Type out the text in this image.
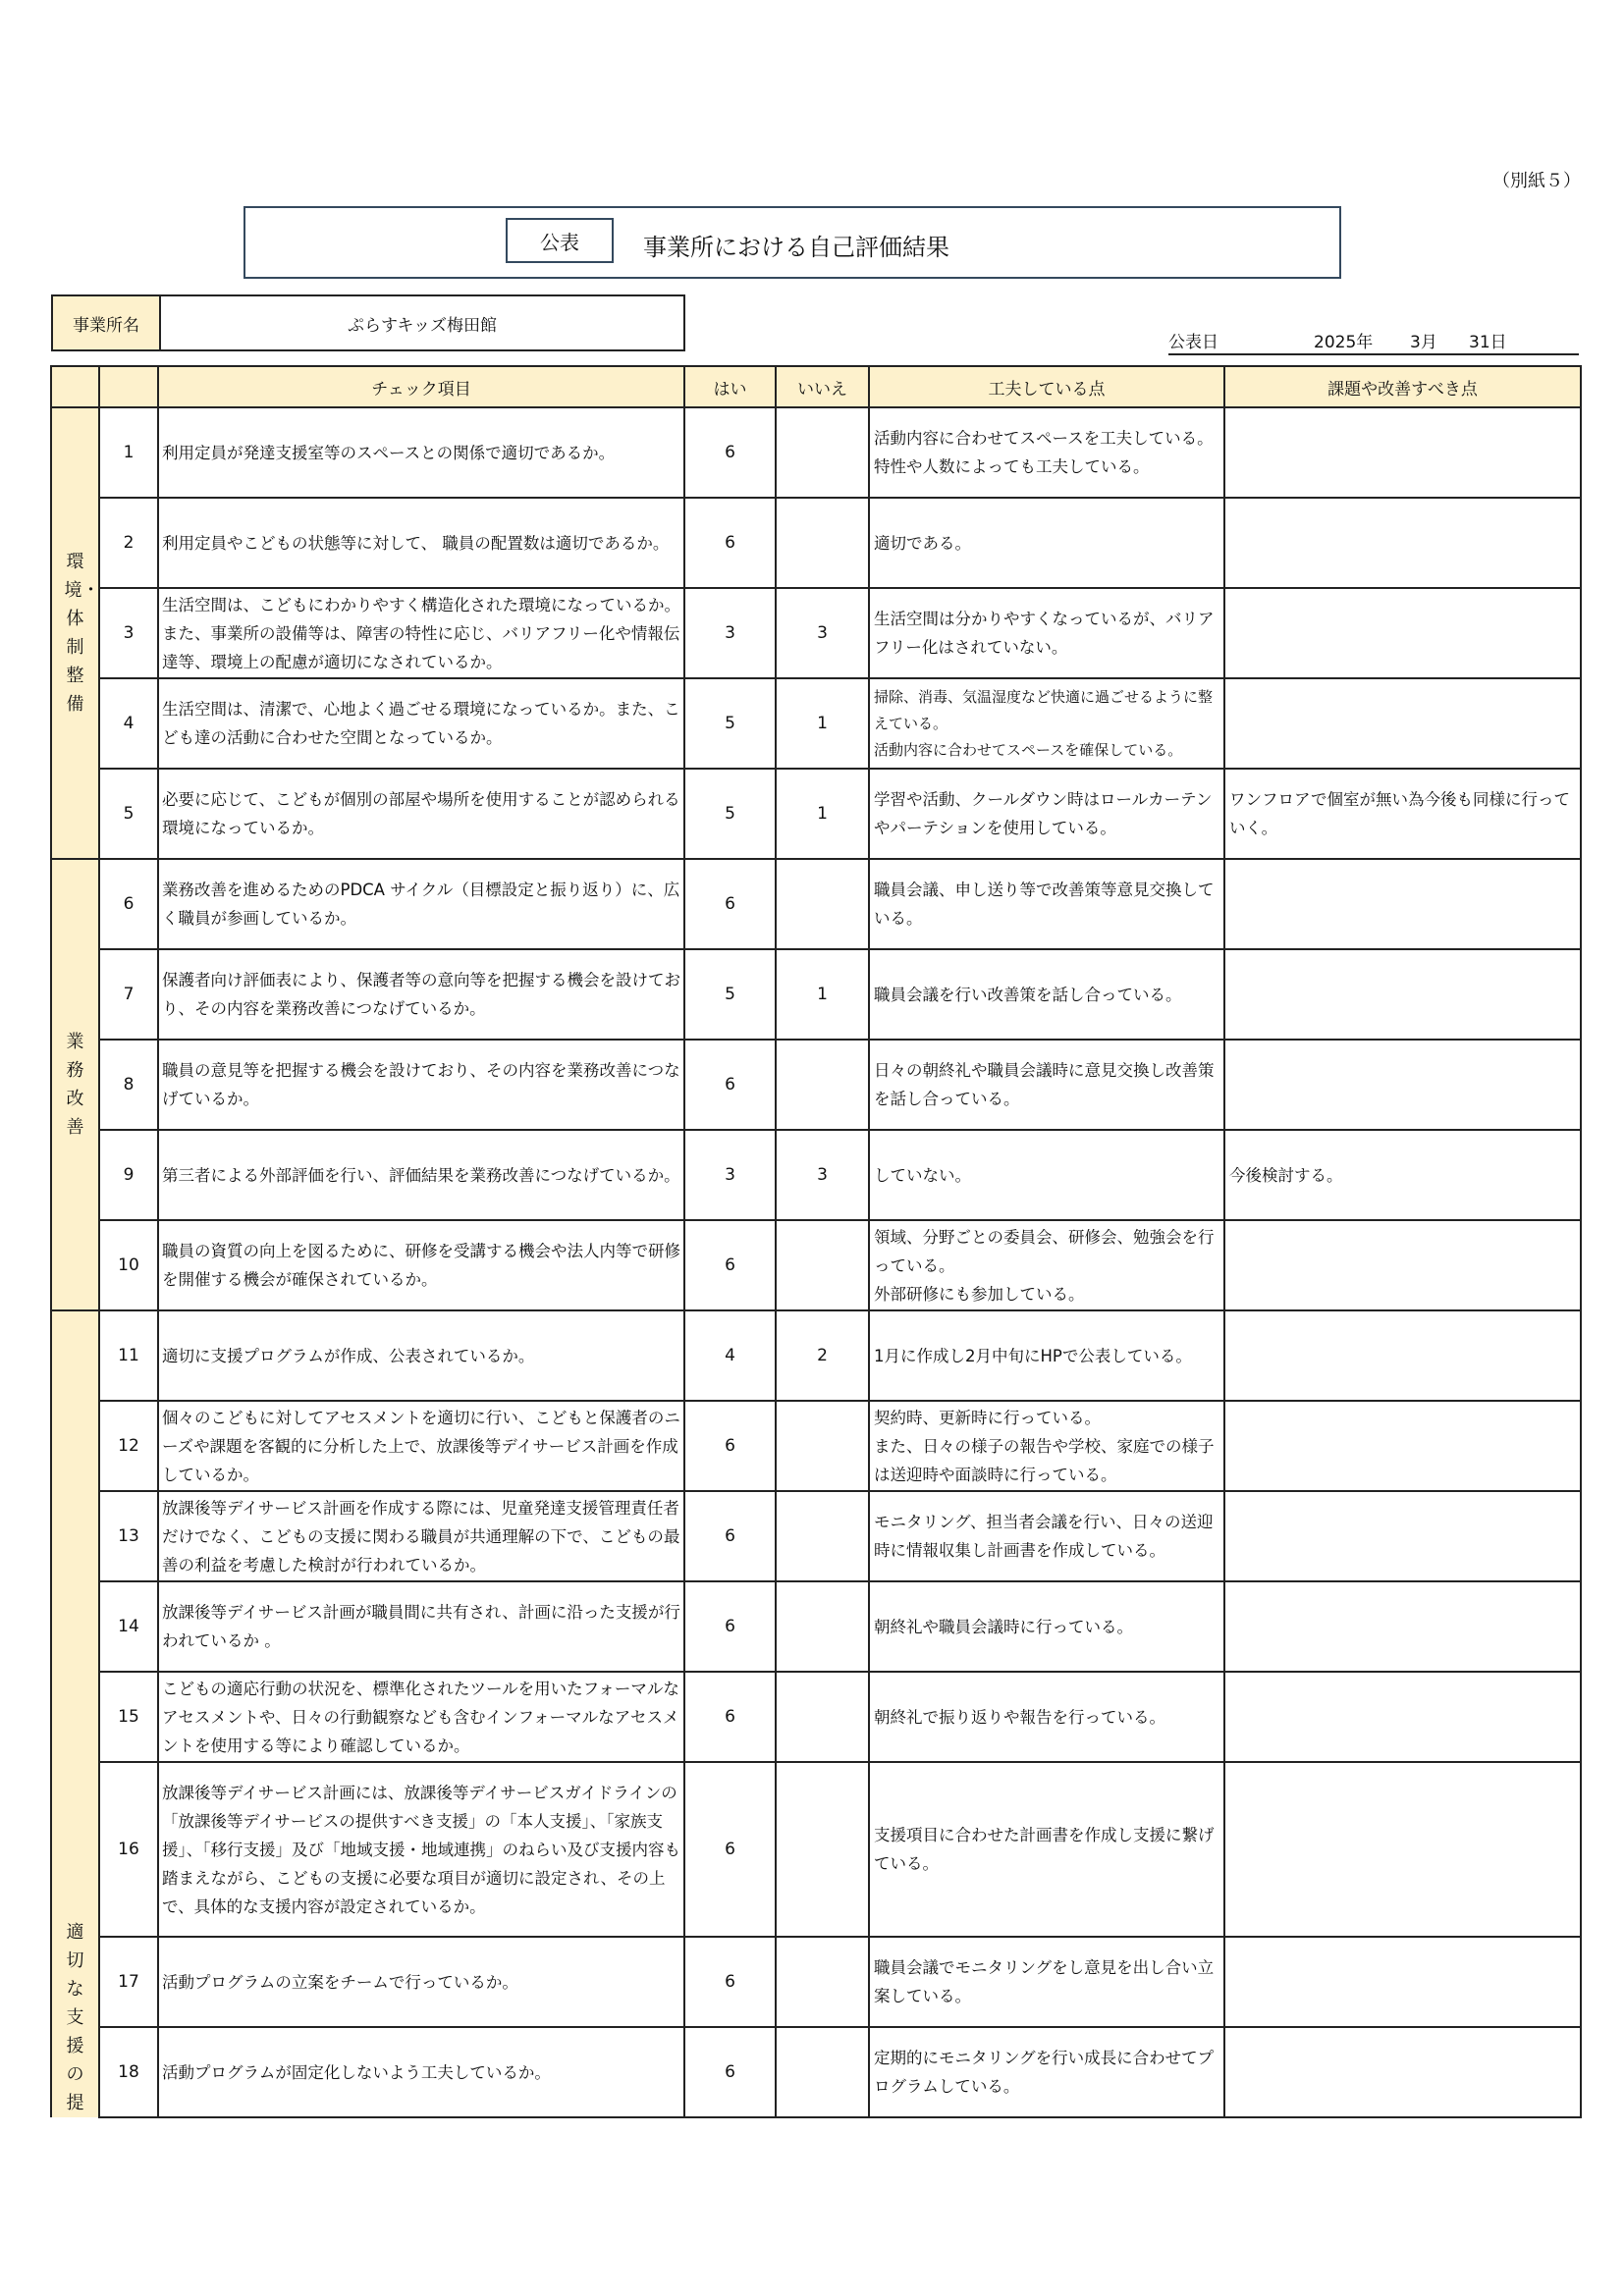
（別紙５）
公表	事業所における自己評価結果
事業所名	ぷらすキッズ梅田館
公表日	2025年 3月 31日
		チェック項目	はい	いいえ	工夫している点	課題や改善すべき点
環境・体制整備	1	利用定員が発達支援室等のスペースとの関係で適切であるか。	6		活動内容に合わせてスペースを工夫している。特性や人数によっても工夫している。	
	2	利用定員やこどもの状態等に対して、 職員の配置数は適切であるか。	6		適切である。	
	3	生活空間は、こどもにわかりやすく構造化された環境になっているか。また、事業所の設備等は、障害の特性に応じ、バリアフリー化や情報伝達等、環境上の配慮が適切になされているか。	3	3	生活空間は分かりやすくなっているが、バリアフリー化はされていない。	
	4	生活空間は、清潔で、心地よく過ごせる環境になっているか。また、こども達の活動に合わせた空間となっているか。	5	1	掃除、消毒、気温湿度など快適に過ごせるように整えている。
活動内容に合わせてスペースを確保している。	
	5	必要に応じて、こどもが個別の部屋や場所を使用することが認められる環境になっているか。	5	1	学習や活動、クールダウン時はロールカーテンやパーテションを使用している。	ワンフロアで個室が無い為今後も同様に行っていく。
業務改善	6	業務改善を進めるためのPDCA サイクル（目標設定と振り返り）に、広く職員が参画しているか。	6		職員会議、申し送り等で改善策等意見交換している。	
	7	保護者向け評価表により、保護者等の意向等を把握する機会を設けており、その内容を業務改善につなげているか。	5	1	職員会議を行い改善策を話し合っている。	
	8	職員の意見等を把握する機会を設けており、その内容を業務改善につなげているか。	6		日々の朝終礼や職員会議時に意見交換し改善策を話し合っている。	
	9	第三者による外部評価を行い、評価結果を業務改善につなげているか。	3	3	していない。	今後検討する。
	10	職員の資質の向上を図るために、研修を受講する機会や法人内等で研修を開催する機会が確保されているか。	6		領域、分野ごとの委員会、研修会、勉強会を行っている。
外部研修にも参加している。	
適切な支援の提	11	適切に支援プログラムが作成、公表されているか。	4	2	1月に作成し2月中旬にHPで公表している。	
	12	個々のこどもに対してアセスメントを適切に行い、こどもと保護者のニーズや課題を客観的に分析した上で、放課後等デイサービス計画を作成しているか。	6		契約時、更新時に行っている。
また、日々の様子の報告や学校、家庭での様子は送迎時や面談時に行っている。	
	13	放課後等デイサービス計画を作成する際には、児童発達支援管理責任者だけでなく、こどもの支援に関わる職員が共通理解の下で、こどもの最善の利益を考慮した検討が行われているか。	6		モニタリング、担当者会議を行い、日々の送迎時に情報収集し計画書を作成している。	
	14	放課後等デイサービス計画が職員間に共有され、計画に沿った支援が行われているか 。	6		朝終礼や職員会議時に行っている。	
	15	こどもの適応行動の状況を、標準化されたツールを用いたフォーマルなアセスメントや、日々の行動観察なども含むインフォーマルなアセスメントを使用する等により確認しているか。	6		朝終礼で振り返りや報告を行っている。	
	16	放課後等デイサービス計画には、放課後等デイサービスガイドラインの「放課後等デイサービスの提供すべき支援」の「本人支援」、「家族支援」、「移行支援」及び「地域支援・地域連携」のねらい及び支援内容も踏まえながら、こどもの支援に必要な項目が適切に設定され、その上で、具体的な支援内容が設定されているか。	6		支援項目に合わせた計画書を作成し支援に繋げている。	
	17	活動プログラムの立案をチームで行っているか。	6		職員会議でモニタリングをし意見を出し合い立案している。	
	18	活動プログラムが固定化しないよう工夫しているか。	6		定期的にモニタリングを行い成長に合わせてプログラムしている。	
